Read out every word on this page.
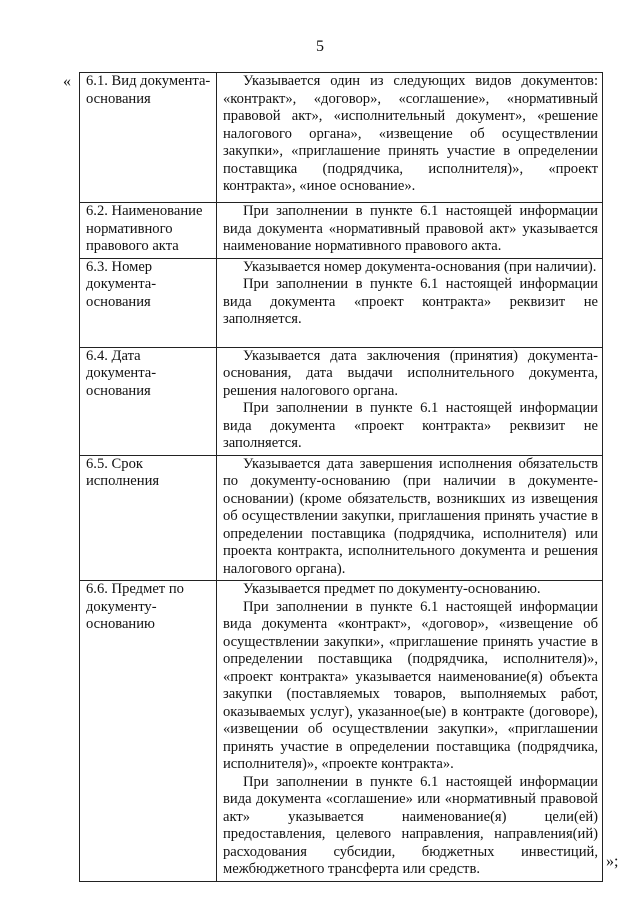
5
« 6.1. Вид документа-основания	Указывается один из следующих видов документов: «контракт», «договор», «соглашение», «нормативный правовой акт», «исполнительный документ», «решение налогового органа», «извещение об осуществлении закупки», «приглашение принять участие в определении поставщика (подрядчика, исполнителя)», «проект контракта», «иное основание».

6.2. Наименование нормативного правового акта	При заполнении в пункте 6.1 настоящей информации вида документа «нормативный правовой акт» указывается наименование нормативного правового акта.

6.3. Номер документа-основания	Указывается номер документа-основания (при наличии).

При заполнении в пункте 6.1 настоящей информации вида документа «проект контракта» реквизит не заполняется.

6.4. Дата документа-основания	Указывается дата заключения (принятия) документа-основания, дата выдачи исполнительного документа, решения налогового органа.

При заполнении в пункте 6.1 настоящей информации вида документа «проект контракта» реквизит не заполняется.

6.5. Срок исполнения	Указывается дата завершения исполнения обязательств по документу-основанию (при наличии в документе-основании) (кроме обязательств, возникших из извещения об осуществлении закупки, приглашения принять участие в определении поставщика (подрядчика, исполнителя) или проекта контракта, исполнительного документа и решения налогового органа).

6.6. Предмет по документу-основанию	Указывается предмет по документу-основанию.

При заполнении в пункте 6.1 настоящей информации вида документа «контракт», «договор», «извещение об осуществлении закупки», «приглашение принять участие в определении поставщика (подрядчика, исполнителя)», «проект контракта» указывается наименование(я) объекта закупки (поставляемых товаров, выполняемых работ, оказываемых услуг), указанное(ые) в контракте (договоре), «извещении об осуществлении закупки», «приглашении принять участие в определении поставщика (подрядчика, исполнителя)», «проекте контракта».

При заполнении в пункте 6.1 настоящей информации вида документа «соглашение» или «нормативный правовой акт» указывается наименование(я) цели(ей) предоставления, целевого направления, направления(ий) расходования субсидии, бюджетных инвестиций, межбюджетного трансферта или средств.	»;
